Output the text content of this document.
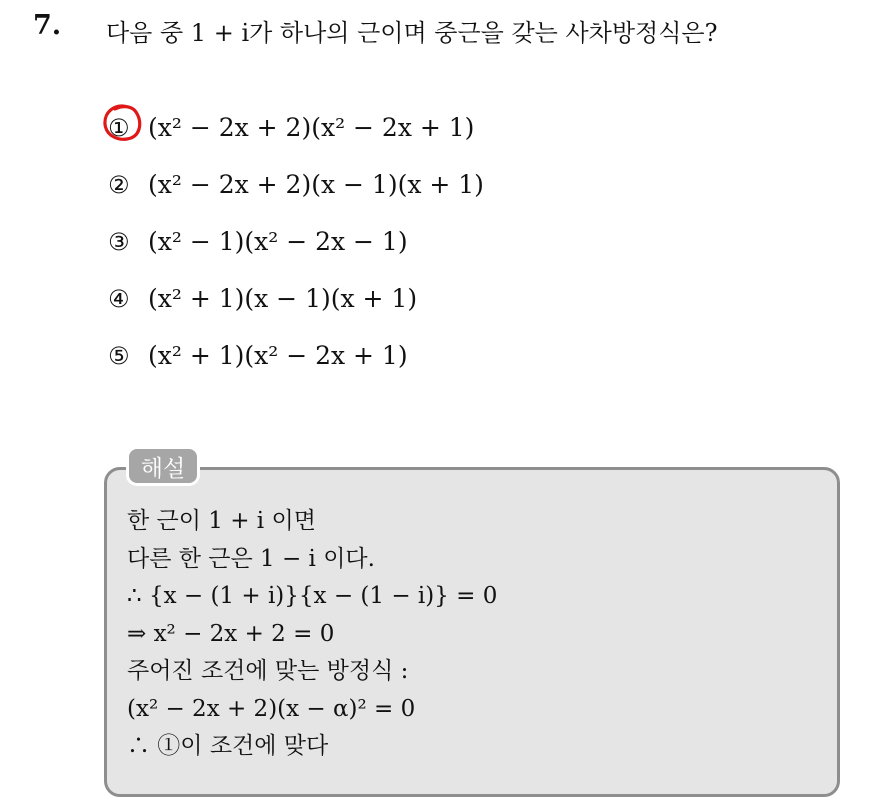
7. 다음 중 1 + i가 하나의 근이며 중근을 갖는 사차방정식은?
① (x² − 2x + 2)(x² − 2x + 1)
② (x² − 2x + 2)(x − 1)(x + 1)
③ (x² − 1)(x² − 2x − 1)
④ (x² + 1)(x − 1)(x + 1)
⑤ (x² + 1)(x² − 2x + 1)
해설
한 근이 1 + i 이면
다른 한 근은 1 − i 이다.
∴ {x − (1 + i)}{x − (1 − i)} = 0
⇒ x² − 2x + 2 = 0
주어진 조건에 맞는 방정식 :
(x² − 2x + 2)(x − α)² = 0
∴ ①이 조건에 맞다
